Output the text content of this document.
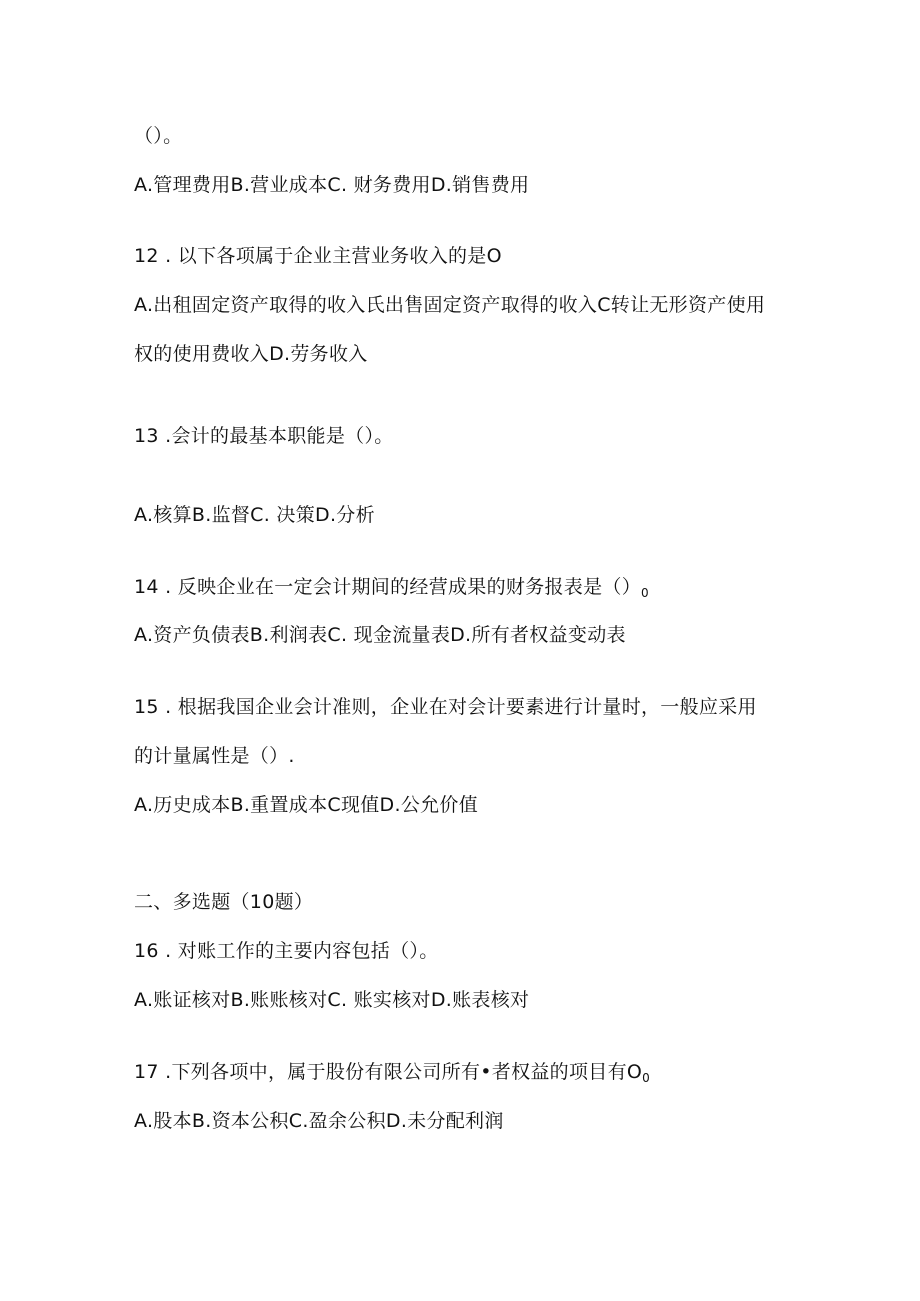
（）。
A.管理费用B.营业成本C. 财务费用D.销售费用
12 . 以下各项属于企业主营业务收入的是O
A.出租固定资产取得的收入氏出售固定资产取得的收入C转让无形资产使用
权的使用费收入D.劳务收入
13 .会计的最基本职能是（）。
A.核算B.监督C. 决策D.分析
14 . 反映企业在一定会计期间的经营成果的财务报表是$()_0$
A.资产负债表B.利润表C. 现金流量表D.所有者权益变动表
15 . 根据我国企业会计准则，企业在对会计要素进行计量时，一般应采用
的计量属性是（）.
A.历史成本B.重置成本C现值D.公允价值
二、多选题（10题）
16 . 对账工作的主要内容包括（）。
A.账证核对B.账账核对C. 账实核对D.账表核对
17 .下列各项中，属于股份有限公司所有•者权益的项目有$O_0$
A.股本B.资本公积C.盈余公积D.未分配利润
